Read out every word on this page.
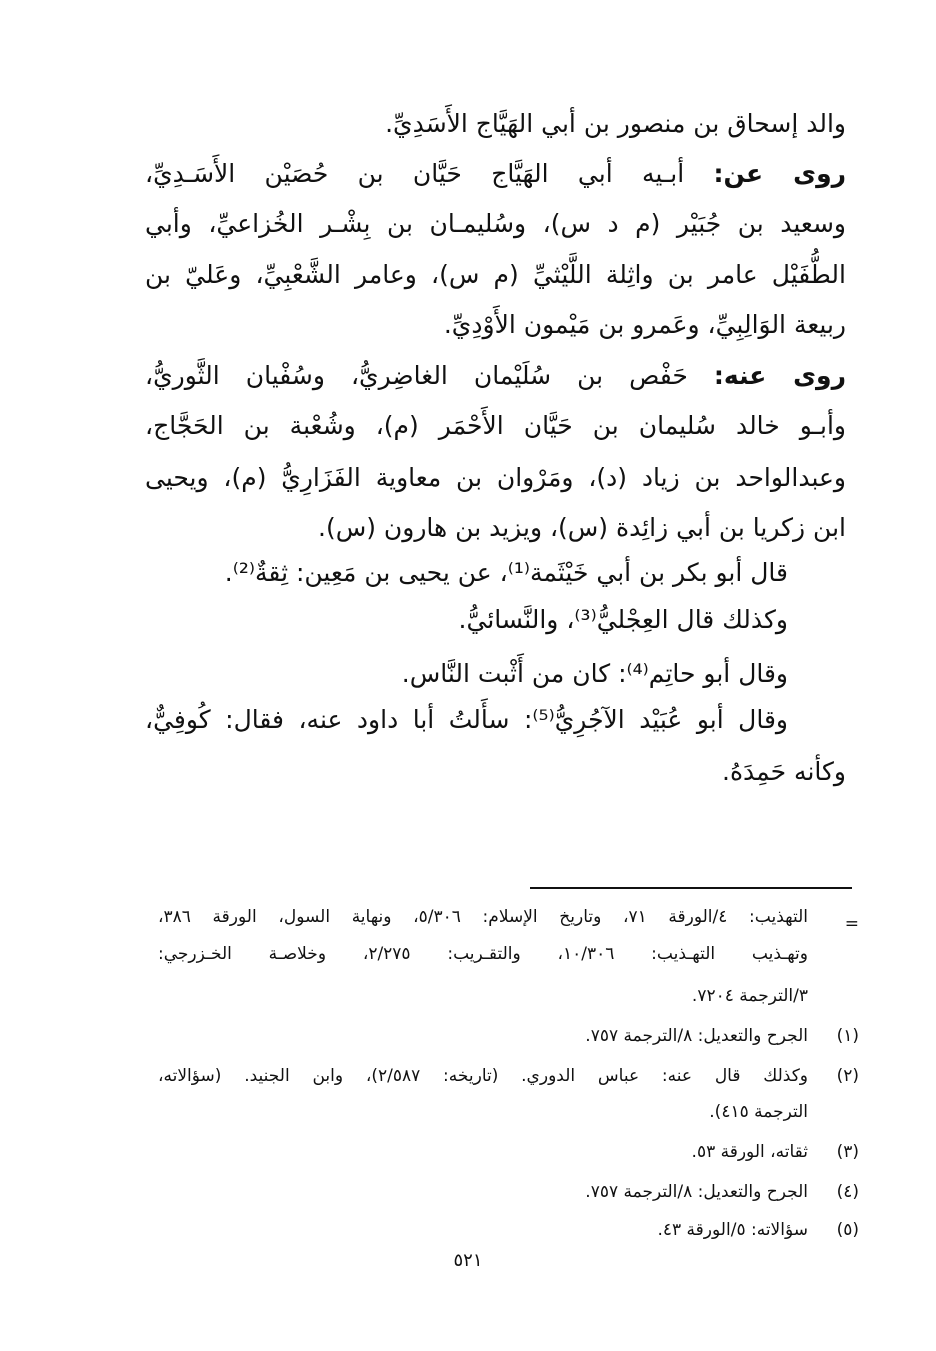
والد إسحاق بن منصور بن أبي الهَيَّاج الأَسَدِيِّ.
روى عن: أبـيه أبي الهَيَّاج حَيَّان بن حُصَيْن الأَسَـدِيِّ،
وسعيد بن جُبَيْر (م د س)، وسُليمـان بن بِشْـر الخُزاعيِّ، وأبي
الطُّفَيْل عامر بن واثِلة اللَّيْثيِّ (م س)، وعامر الشَّعْبِيِّ، وعَليّ بن
ربيعة الوَالِبِيِّ، وعَمرو بن مَيْمون الأَوْدِيِّ.
روى عنه: حَفْص بن سُلَيْمان الغاضِريُّ، وسُفْيان الثَّوريُّ،
وأبـو خالد سُليمان بن حَيَّان الأَحْمَر (م)، وشُعْبة بن الحَجَّاج،
وعبدالواحد بن زياد (د)، ومَرْوان بن معاوية الفَزَارِيُّ (م)، ويحيى
ابن زكريا بن أبي زائِدة (س)، ويزيد بن هارون (س).
قال أبو بكر بن أبي خَيْثَمة⁽¹⁾، عن يحيى بن مَعِين: ثِقةٌ⁽²⁾.
وكذلك قال العِجْليُّ⁽³⁾، والنَّسائيُّ.
وقال أبو حاتِم⁽⁴⁾: كان من أَثْبت النَّاس.
وقال أبو عُبَيْد الآجُرِيُّ⁽⁵⁾: سأَلتُ أبا داود عنه، فقال: كُوفِيٌّ،
وكأنه حَمِدَهُ.
=
التهذيب: ٤/الورقة ٧١، وتاريخ الإسلام: ٥/٣٠٦، ونهاية السول، الورقة ٣٨٦،
وتهـذيب التهـذيب: ١٠/٣٠٦، والتقـريب: ٢/٢٧٥، وخلاصـة الخـزرجي:
٣/الترجمة ٧٢٠٤.
(١)
الجرح والتعديل: ٨/الترجمة ٧٥٧.
(٢)
وكذلك قال عنه: عباس الدوري. (تاريخه: ٢/٥٨٧)، وابن الجنيد. (سؤالاته،
الترجمة ٤١٥).
(٣)
ثقاته، الورقة ٥٣.
(٤)
الجرح والتعديل: ٨/الترجمة ٧٥٧.
(٥)
سؤالاته: ٥/الورقة ٤٣.
٥٢١
